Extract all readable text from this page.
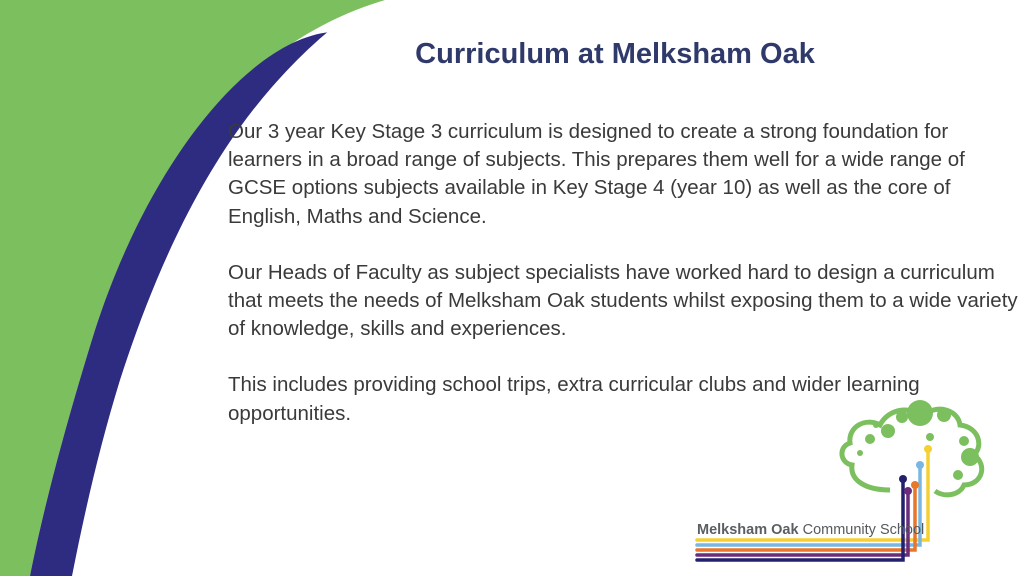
Curriculum at Melksham Oak

Our 3 year Key Stage 3 curriculum is designed to create a strong foundation for learners in a broad range of subjects. This prepares them well for a wide range of GCSE options subjects available in Key Stage 4 (year 10) as well as the core of English, Maths and Science.

Our Heads of Faculty as subject specialists have worked hard to design a curriculum that meets the needs of Melksham Oak students whilst exposing them to a wide variety of knowledge, skills and experiences.

This includes providing school trips, extra curricular clubs and wider learning opportunities.

Melksham Oak Community School
